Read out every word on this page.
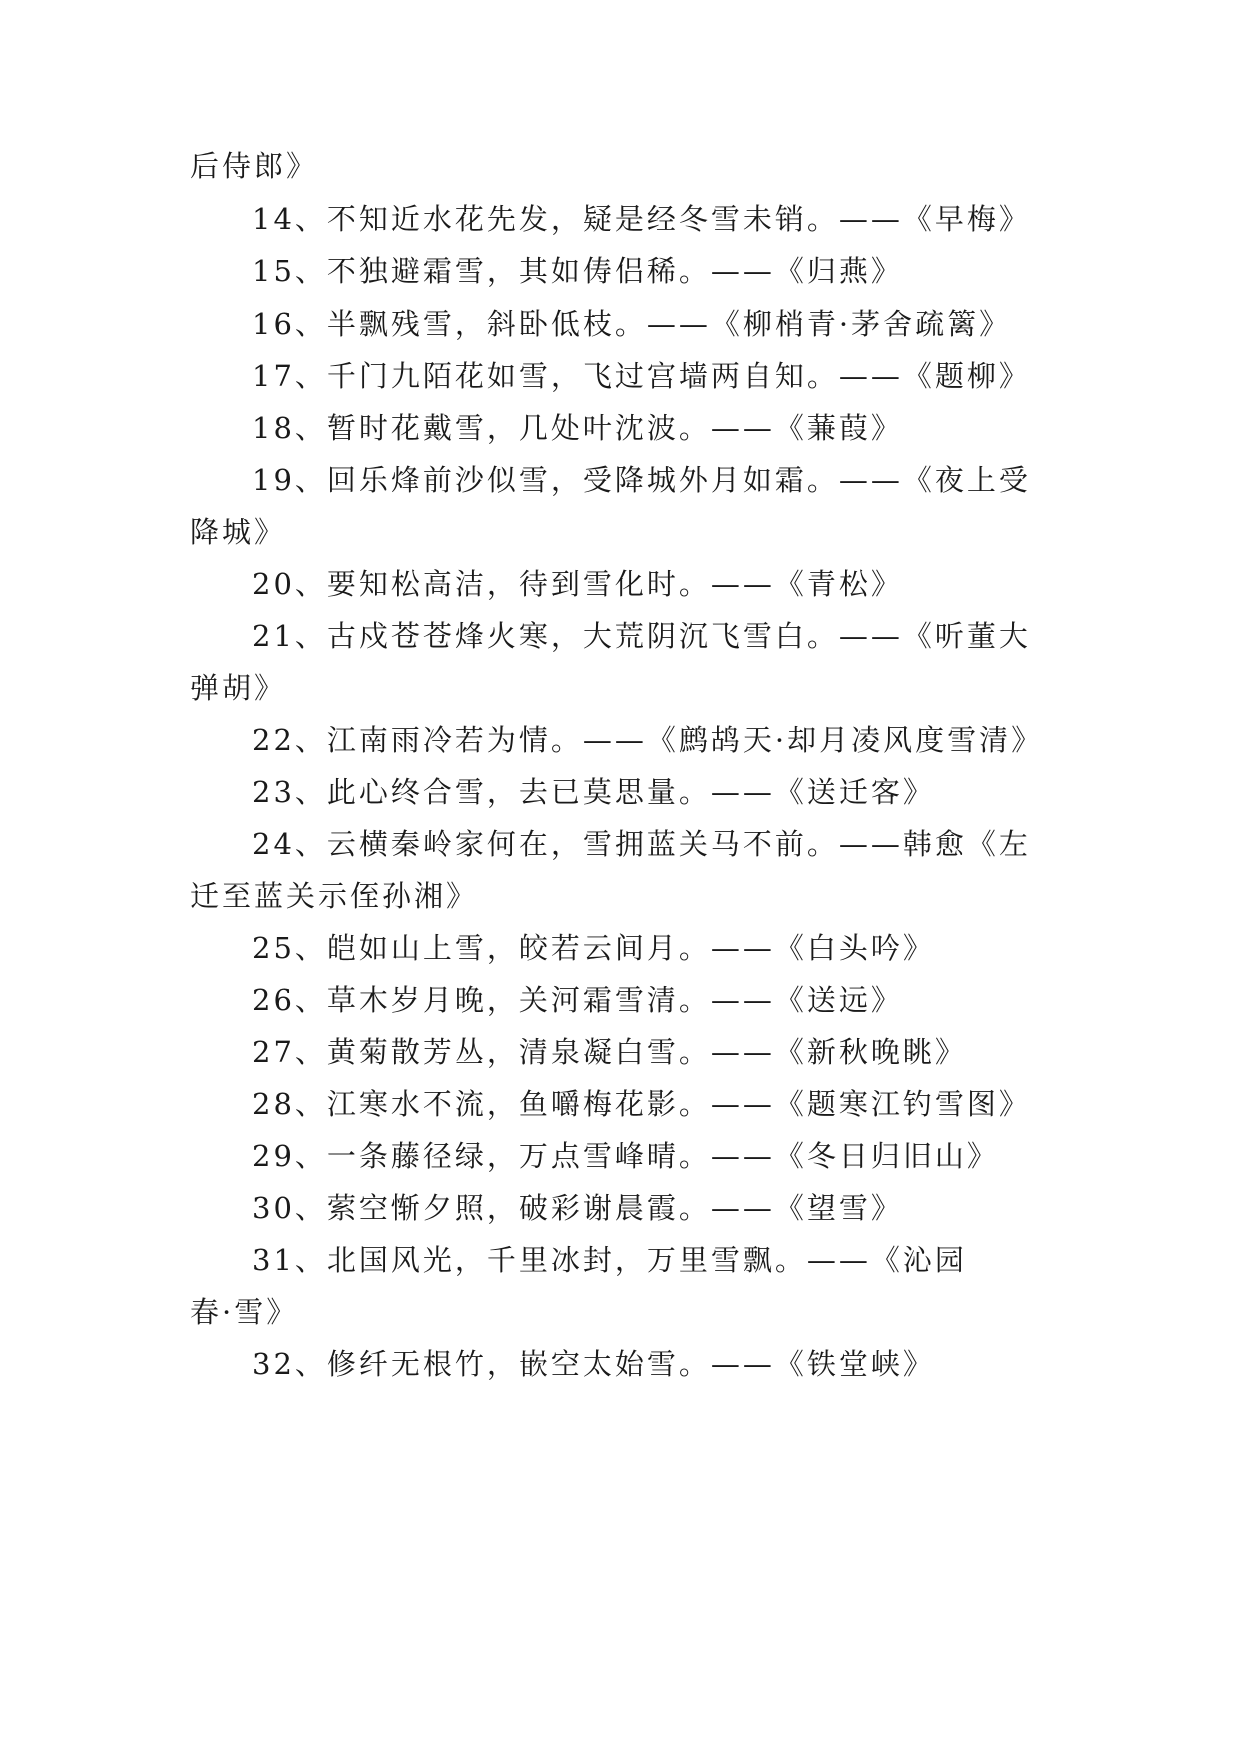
后侍郎》
14、不知近水花先发，疑是经冬雪未销。——《早梅》
15、不独避霜雪，其如俦侣稀。——《归燕》
16、半飘残雪，斜卧低枝。——《柳梢青·茅舍疏篱》
17、千门九陌花如雪，飞过宫墙两自知。——《题柳》
18、暂时花戴雪，几处叶沈波。——《蒹葭》
19、回乐烽前沙似雪，受降城外月如霜。——《夜上受
降城》
20、要知松高洁，待到雪化时。——《青松》
21、古戍苍苍烽火寒，大荒阴沉飞雪白。——《听董大
弹胡》
22、江南雨冷若为情。——《鹧鸪天·却月凌风度雪清》
23、此心终合雪，去已莫思量。——《送迁客》
24、云横秦岭家何在，雪拥蓝关马不前。——韩愈《左
迁至蓝关示侄孙湘》
25、皑如山上雪，皎若云间月。——《白头吟》
26、草木岁月晚，关河霜雪清。——《送远》
27、黄菊散芳丛，清泉凝白雪。——《新秋晚眺》
28、江寒水不流，鱼嚼梅花影。——《题寒江钓雪图》
29、一条藤径绿，万点雪峰晴。——《冬日归旧山》
30、萦空惭夕照，破彩谢晨霞。——《望雪》
31、北国风光，千里冰封，万里雪飘。——《沁园
春·雪》
32、修纤无根竹，嵌空太始雪。——《铁堂峡》
